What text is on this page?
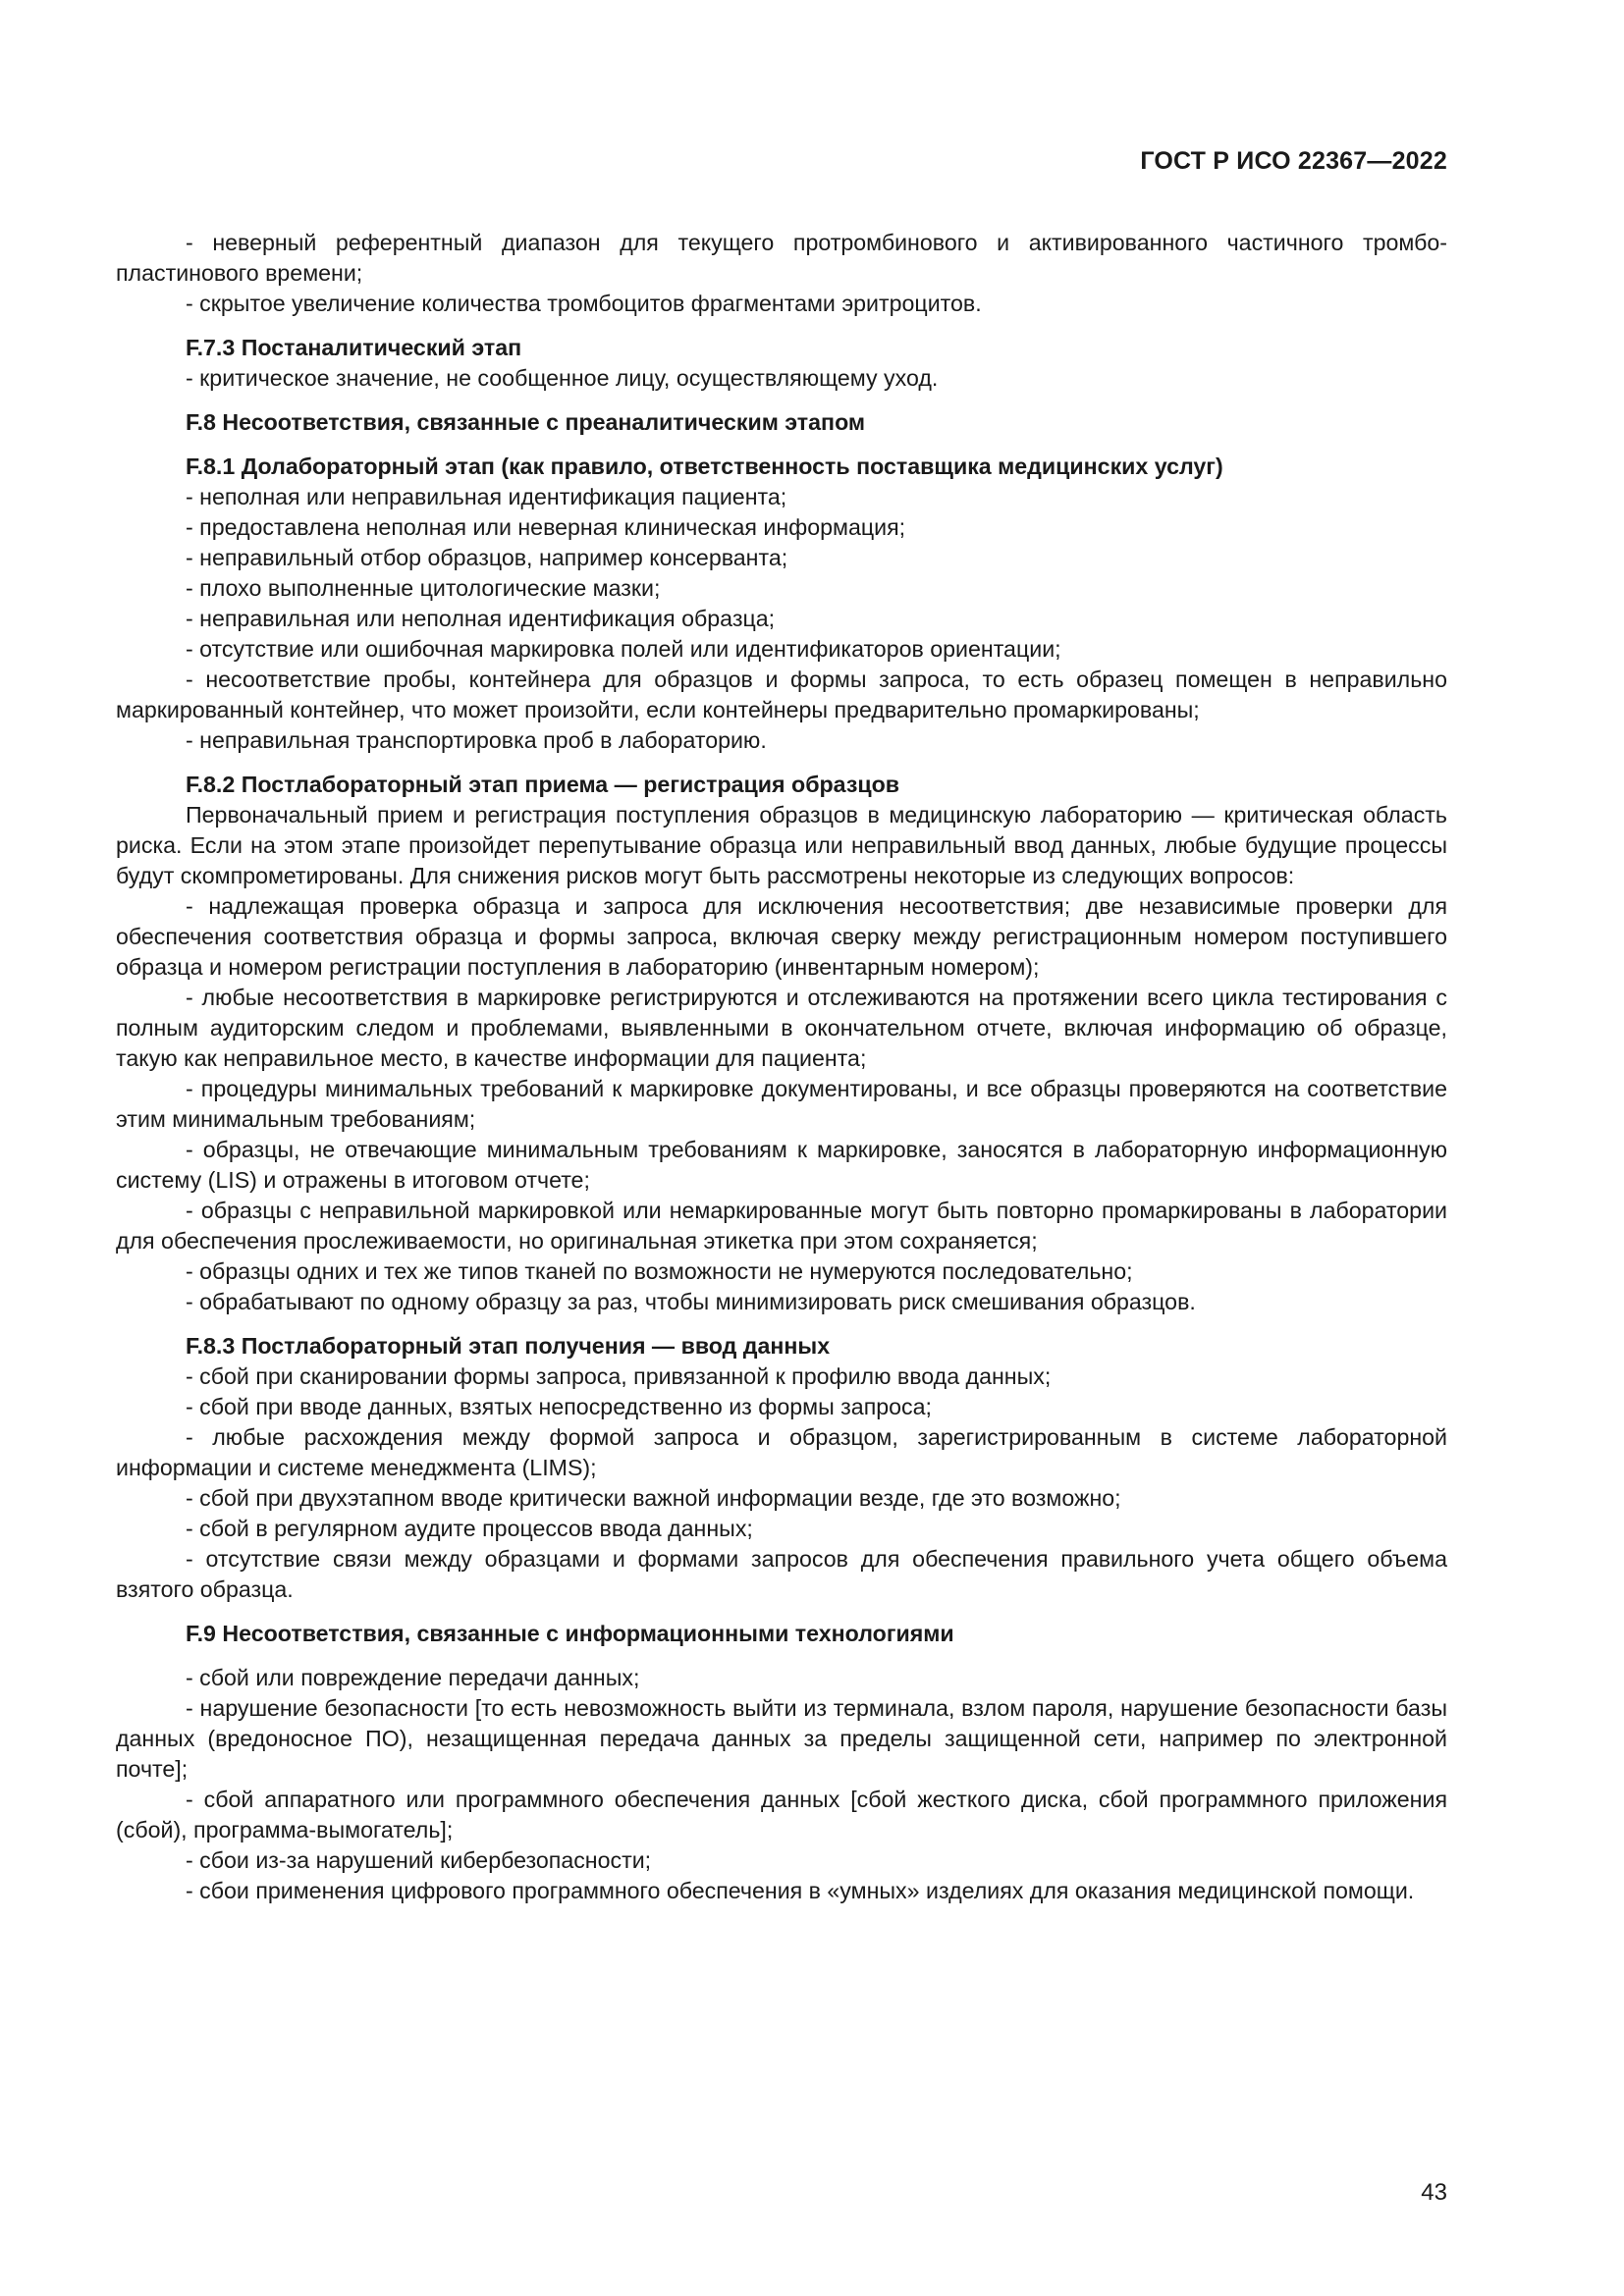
ГОСТ Р ИСО 22367—2022

- неверный референтный диапазон для текущего протромбинового и активированного частичного тромбопластинового времени;

- скрытое увеличение количества тромбоцитов фрагментами эритроцитов.

F.7.3 Постаналитический этап

- критическое значение, не сообщенное лицу, осуществляющему уход.

F.8 Несоответствия, связанные с преаналитическим этапом

F.8.1 Долабораторный этап (как правило, ответственность поставщика медицинских услуг)

- неполная или неправильная идентификация пациента;

- предоставлена неполная или неверная клиническая информация;

- неправильный отбор образцов, например консерванта;

- плохо выполненные цитологические мазки;

- неправильная или неполная идентификация образца;

- отсутствие или ошибочная маркировка полей или идентификаторов ориентации;

- несоответствие пробы, контейнера для образцов и формы запроса, то есть образец помещен в неправильно маркированный контейнер, что может произойти, если контейнеры предварительно промаркированы;

- неправильная транспортировка проб в лабораторию.

F.8.2 Постлабораторный этап приема — регистрация образцов

Первоначальный прием и регистрация поступления образцов в медицинскую лабораторию — критическая область риска. Если на этом этапе произойдет перепутывание образца или неправильный ввод данных, любые будущие процессы будут скомпрометированы. Для снижения рисков могут быть рассмотрены некоторые из следующих вопросов:

- надлежащая проверка образца и запроса для исключения несоответствия; две независимые проверки для обеспечения соответствия образца и формы запроса, включая сверку между регистрационным номером поступившего образца и номером регистрации поступления в лабораторию (инвентарным номером);

- любые несоответствия в маркировке регистрируются и отслеживаются на протяжении всего цикла тестирования с полным аудиторским следом и проблемами, выявленными в окончательном отчете, включая информацию об образце, такую как неправильное место, в качестве информации для пациента;

- процедуры минимальных требований к маркировке документированы, и все образцы проверяются на соответствие этим минимальным требованиям;

- образцы, не отвечающие минимальным требованиям к маркировке, заносятся в лабораторную информационную систему (LIS) и отражены в итоговом отчете;

- образцы с неправильной маркировкой или немаркированные могут быть повторно промаркированы в лаборатории для обеспечения прослеживаемости, но оригинальная этикетка при этом сохраняется;

- образцы одних и тех же типов тканей по возможности не нумеруются последовательно;

- обрабатывают по одному образцу за раз, чтобы минимизировать риск смешивания образцов.

F.8.3 Постлабораторный этап получения — ввод данных

- сбой при сканировании формы запроса, привязанной к профилю ввода данных;

- сбой при вводе данных, взятых непосредственно из формы запроса;

- любые расхождения между формой запроса и образцом, зарегистрированным в системе лабораторной информации и системе менеджмента (LIMS);

- сбой при двухэтапном вводе критически важной информации везде, где это возможно;

- сбой в регулярном аудите процессов ввода данных;

- отсутствие связи между образцами и формами запросов для обеспечения правильного учета общего объема взятого образца.

F.9 Несоответствия, связанные с информационными технологиями

- сбой или повреждение передачи данных;

- нарушение безопасности [то есть невозможность выйти из терминала, взлом пароля, нарушение безопасности базы данных (вредоносное ПО), незащищенная передача данных за пределы защищенной сети, например по электронной почте];

- сбой аппаратного или программного обеспечения данных [сбой жесткого диска, сбой программного приложения (сбой), программа-вымогатель];

- сбои из-за нарушений кибербезопасности;

- сбои применения цифрового программного обеспечения в «умных» изделиях для оказания медицинской помощи.

43
